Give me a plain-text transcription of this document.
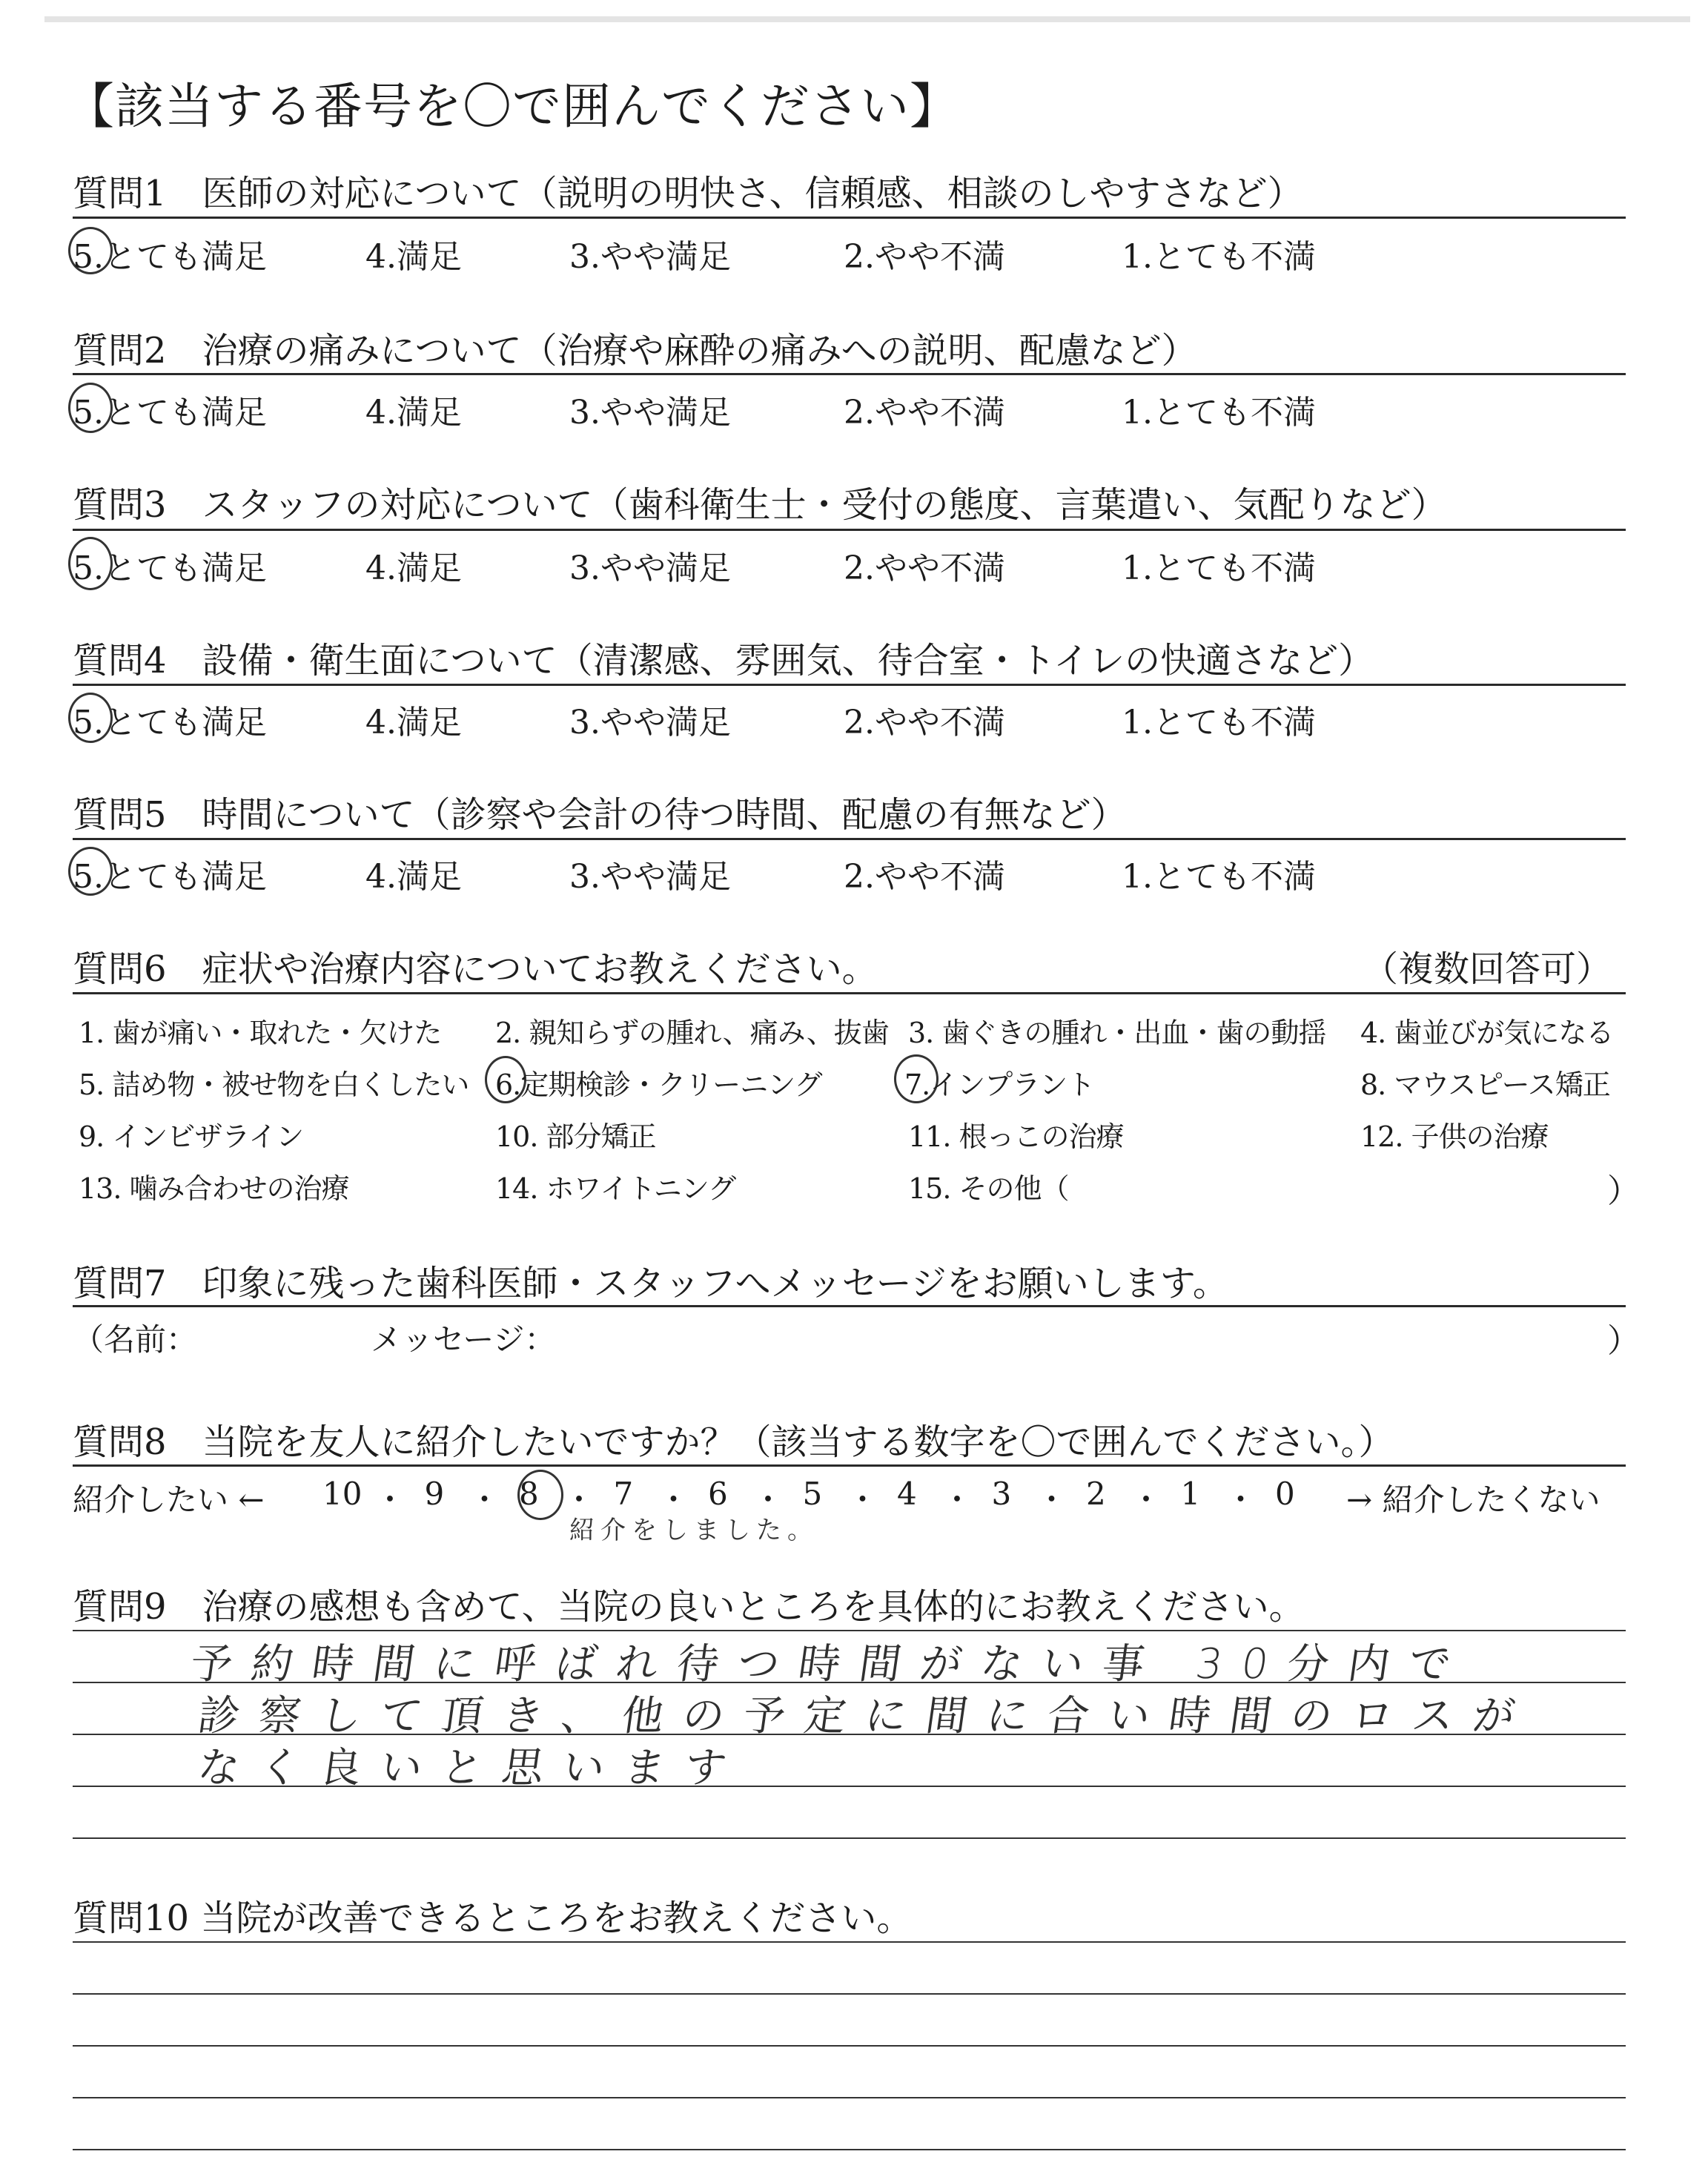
【該当する番号を〇で囲んでください】
質問1　医師の対応について（説明の明快さ、信頼感、相談のしやすさなど）
5.とても満足	4.満足	3.やや満足	2.やや不満	1.とても不満
質問2　治療の痛みについて（治療や麻酔の痛みへの説明、配慮など）
5.とても満足	4.満足	3.やや満足	2.やや不満	1.とても不満
質問3　スタッフの対応について（歯科衛生士・受付の態度、言葉遣い、気配りなど）
5.とても満足	4.満足	3.やや満足	2.やや不満	1.とても不満
質問4　設備・衛生面について（清潔感、雰囲気、待合室・トイレの快適さなど）
5.とても満足	4.満足	3.やや満足	2.やや不満	1.とても不満
質問5　時間について（診察や会計の待つ時間、配慮の有無など）
5.とても満足	4.満足	3.やや満足	2.やや不満	1.とても不満
質問6　症状や治療内容についてお教えください。	（複数回答可）
1. 歯が痛い・取れた・欠けた 2. 親知らずの腫れ、痛み、抜歯 3. 歯ぐきの腫れ・出血・歯の動揺 4. 歯並びが気になる
5. 詰め物・被せ物を白くしたい 6.定期検診・クリーニング	7.インプラント	8. マウスピース矯正
9. インビザライン	10. 部分矯正	11. 根っこの治療	12. 子供の治療
13. 噛み合わせの治療	14. ホワイトニング	15. その他（	）
質問7　印象に残った歯科医師・スタッフへメッセージをお願いします。
（名前：	メッセージ：	）
質問8　当院を友人に紹介したいですか？（該当する数字を〇で囲んでください。）
紹介したい ← 10 ・ 9 ・ 8 ・ 7 ・ 6 ・ 5 ・ 4 ・ 3 ・ 2 ・ 1 ・ 0 → 紹介したくない
紹介をしました。
質問9　治療の感想も含めて、当院の良いところを具体的にお教えください。
予約時間に呼ばれ待つ時間がない事 30分内で
診察して頂き、他の予定に間に合い時間のロスが
なく良いと思います
質問10 当院が改善できるところをお教えください。
